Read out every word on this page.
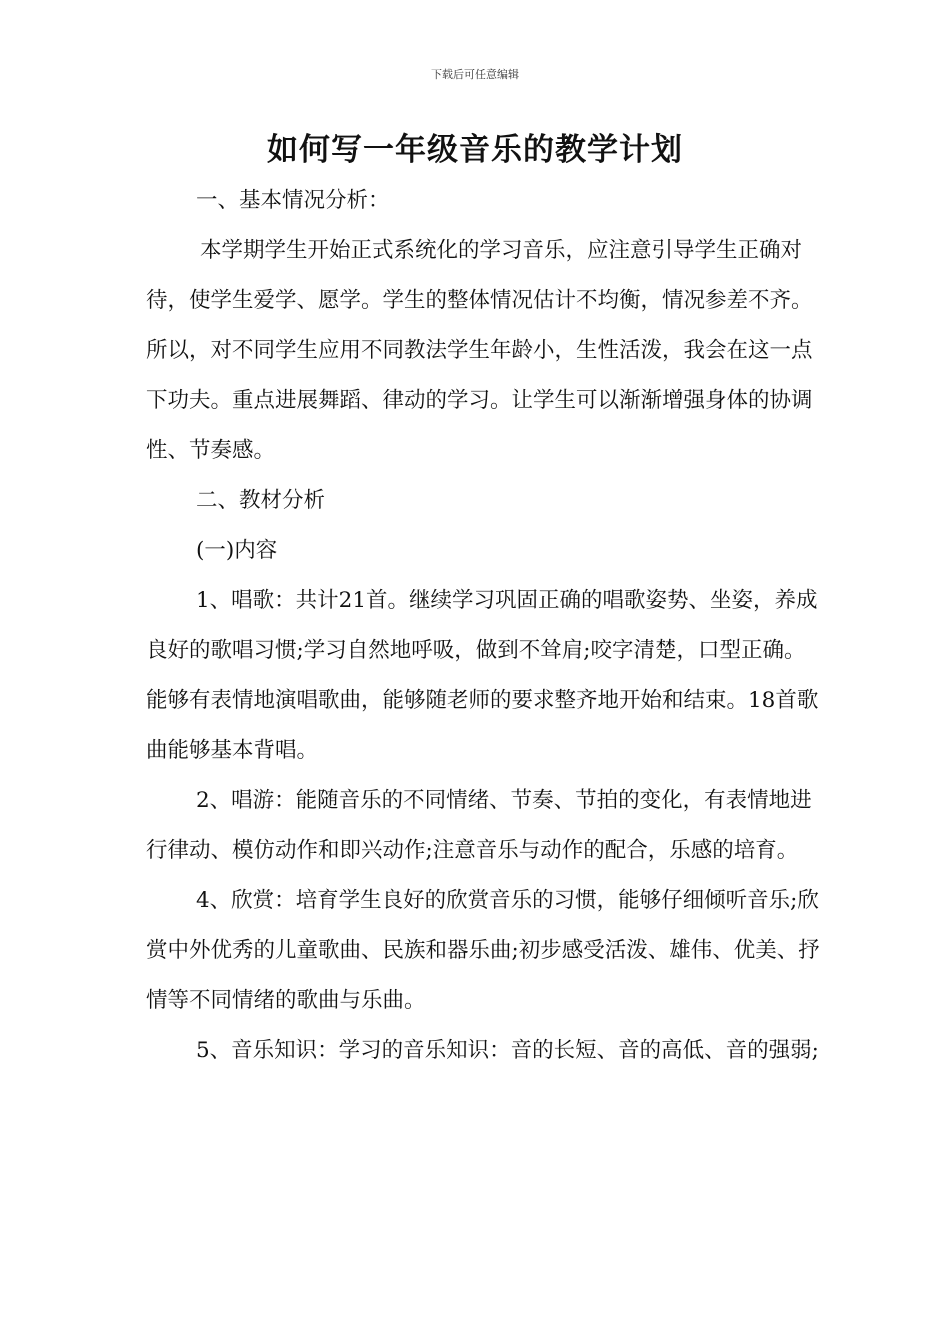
下载后可任意编辑
如何写一年级音乐的教学计划

一、基本情况分析：

本学期学生开始正式系统化的学习音乐，应注意引导学生正确对待，使学生爱学、愿学。学生的整体情况估计不均衡，情况参差不齐。所以，对不同学生应用不同教法学生年龄小，生性活泼，我会在这一点下功夫。重点进展舞蹈、律动的学习。让学生可以渐渐增强身体的协调性、节奏感。

二、教材分析

(一)内容

1、唱歌：共计21首。继续学习巩固正确的唱歌姿势、坐姿，养成良好的歌唱习惯;学习自然地呼吸，做到不耸肩;咬字清楚，口型正确。能够有表情地演唱歌曲，能够随老师的要求整齐地开始和结束。18首歌曲能够基本背唱。

2、唱游：能随音乐的不同情绪、节奏、节拍的变化，有表情地进行律动、模仿动作和即兴动作;注意音乐与动作的配合，乐感的培育。

4、欣赏：培育学生良好的欣赏音乐的习惯，能够仔细倾听音乐;欣赏中外优秀的儿童歌曲、民族和器乐曲;初步感受活泼、雄伟、优美、抒情等不同情绪的歌曲与乐曲。

5、音乐知识：学习的音乐知识：音的长短、音的高低、音的强弱;
